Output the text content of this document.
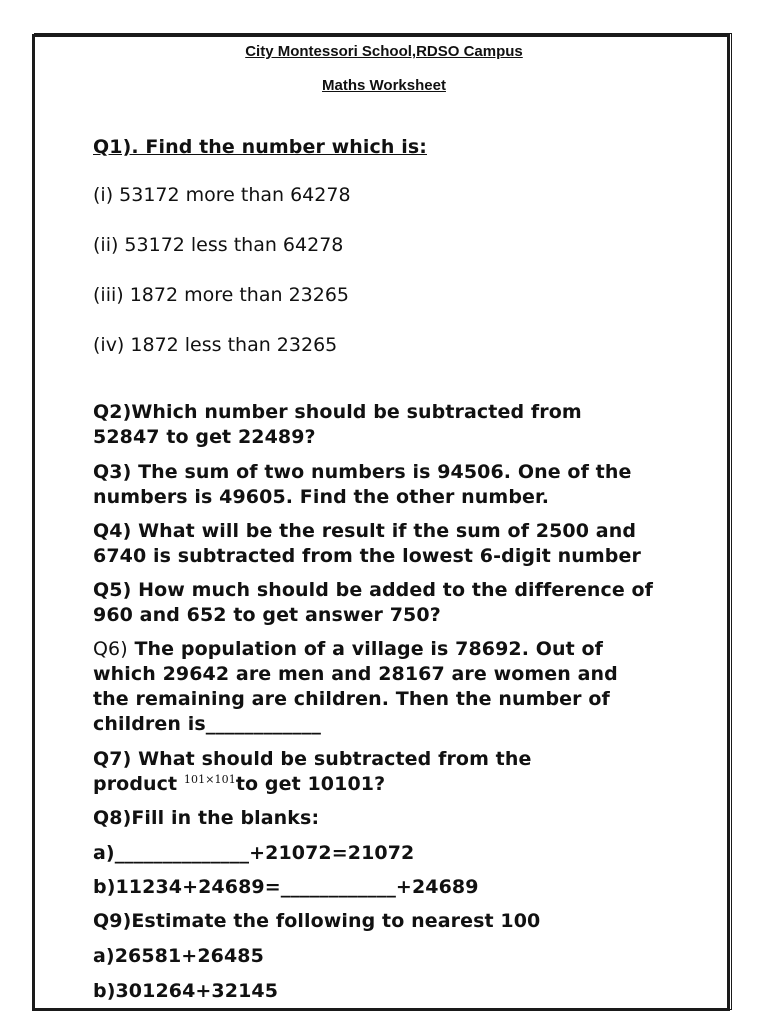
City Montessori School,RDSO Campus
Maths Worksheet
Q1). Find the number which is:
(i) 53172 more than 64278
(ii) 53172 less than 64278
(iii) 1872 more than 23265
(iv) 1872 less than 23265
Q2)Which number should be subtracted from
52847 to get 22489?
Q3) The sum of two numbers is 94506. One of the
numbers is 49605. Find the other number.
Q4) What will be the result if the sum of 2500 and
6740 is subtracted from the lowest 6-digit number
Q5) How much should be added to the difference of
960 and 652 to get answer 750?
Q6) The population of a village is 78692. Out of
which 29642 are men and 28167 are women and
the remaining are children. Then the number of
children is____________
Q7) What should be subtracted from the
product $^{101\times 101}$to get 10101?
Q8)Fill in the blanks:
a)______________+21072=21072
b)11234+24689=____________+24689
Q9)Estimate the following to nearest 100
a)26581+26485
b)301264+32145
